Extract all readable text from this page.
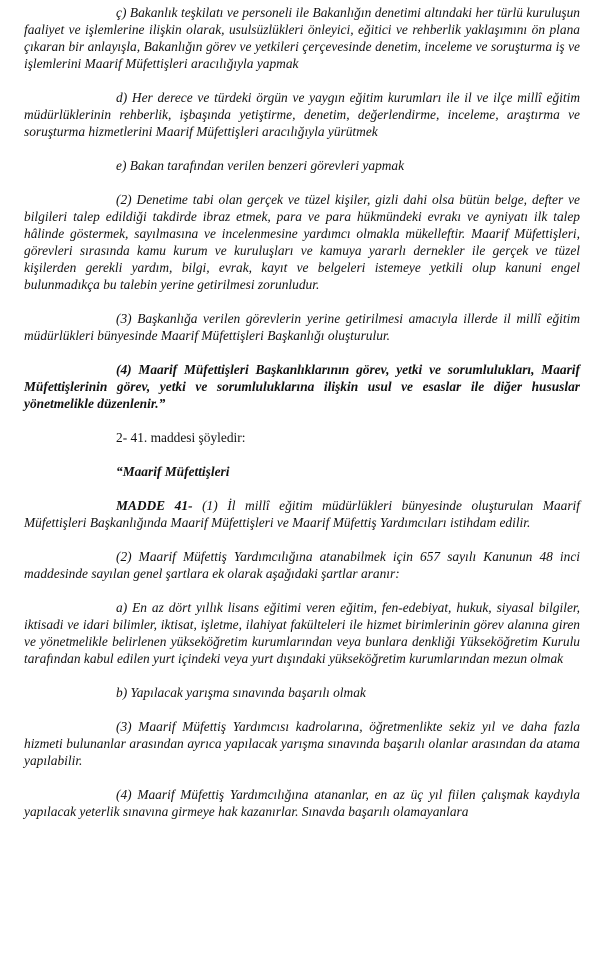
ç) Bakanlık teşkilatı ve personeli ile Bakanlığın denetimi altındaki her türlü kuruluşun faaliyet ve işlemlerine ilişkin olarak, usulsüzlükleri önleyici, eğitici ve rehberlik yaklaşımını ön plana çıkaran bir anlayışla, Bakanlığın görev ve yetkileri çerçevesinde denetim, inceleme ve soruşturma iş ve işlemlerini Maarif Müfettişleri aracılığıyla yapmak

d) Her derece ve türdeki örgün ve yaygın eğitim kurumları ile il ve ilçe millî eğitim müdürlüklerinin rehberlik, işbaşında yetiştirme, denetim, değerlendirme, inceleme, araştırma ve soruşturma hizmetlerini Maarif Müfettişleri aracılığıyla yürütmek

e) Bakan tarafından verilen benzeri görevleri yapmak

(2) Denetime tabi olan gerçek ve tüzel kişiler, gizli dahi olsa bütün belge, defter ve bilgileri talep edildiği takdirde ibraz etmek, para ve para hükmündeki evrakı ve ayniyatı ilk talep hâlinde göstermek, sayılmasına ve incelenmesine yardımcı olmakla mükelleftir. Maarif Müfettişleri, görevleri sırasında kamu kurum ve kuruluşları ve kamuya yararlı dernekler ile gerçek ve tüzel kişilerden gerekli yardım, bilgi, evrak, kayıt ve belgeleri istemeye yetkili olup kanuni engel bulunmadıkça bu talebin yerine getirilmesi zorunludur.

(3) Başkanlığa verilen görevlerin yerine getirilmesi amacıyla illerde il millî eğitim müdürlükleri bünyesinde Maarif Müfettişleri Başkanlığı oluşturulur.

(4) Maarif Müfettişleri Başkanlıklarının görev, yetki ve sorumlulukları, Maarif Müfettişlerinin görev, yetki ve sorumluluklarına ilişkin usul ve esaslar ile diğer hususlar yönetmelikle düzenlenir.”

2- 41. maddesi şöyledir:

“Maarif Müfettişleri

MADDE 41- (1) İl millî eğitim müdürlükleri bünyesinde oluşturulan Maarif Müfettişleri Başkanlığında Maarif Müfettişleri ve Maarif Müfettiş Yardımcıları istihdam edilir.

(2) Maarif Müfettiş Yardımcılığına atanabilmek için 657 sayılı Kanunun 48 inci maddesinde sayılan genel şartlara ek olarak aşağıdaki şartlar aranır:

a) En az dört yıllık lisans eğitimi veren eğitim, fen-edebiyat, hukuk, siyasal bilgiler, iktisadi ve idari bilimler, iktisat, işletme, ilahiyat fakülteleri ile hizmet birimlerinin görev alanına giren ve yönetmelikle belirlenen yükseköğretim kurumlarından veya bunlara denkliği Yükseköğretim Kurulu tarafından kabul edilen yurt içindeki veya yurt dışındaki yükseköğretim kurumlarından mezun olmak

b) Yapılacak yarışma sınavında başarılı olmak

(3) Maarif Müfettiş Yardımcısı kadrolarına, öğretmenlikte sekiz yıl ve daha fazla hizmeti bulunanlar arasından ayrıca yapılacak yarışma sınavında başarılı olanlar arasından da atama yapılabilir.

(4) Maarif Müfettiş Yardımcılığına atananlar, en az üç yıl fiilen çalışmak kaydıyla yapılacak yeterlik sınavına girmeye hak kazanırlar. Sınavda başarılı olamayanlara
